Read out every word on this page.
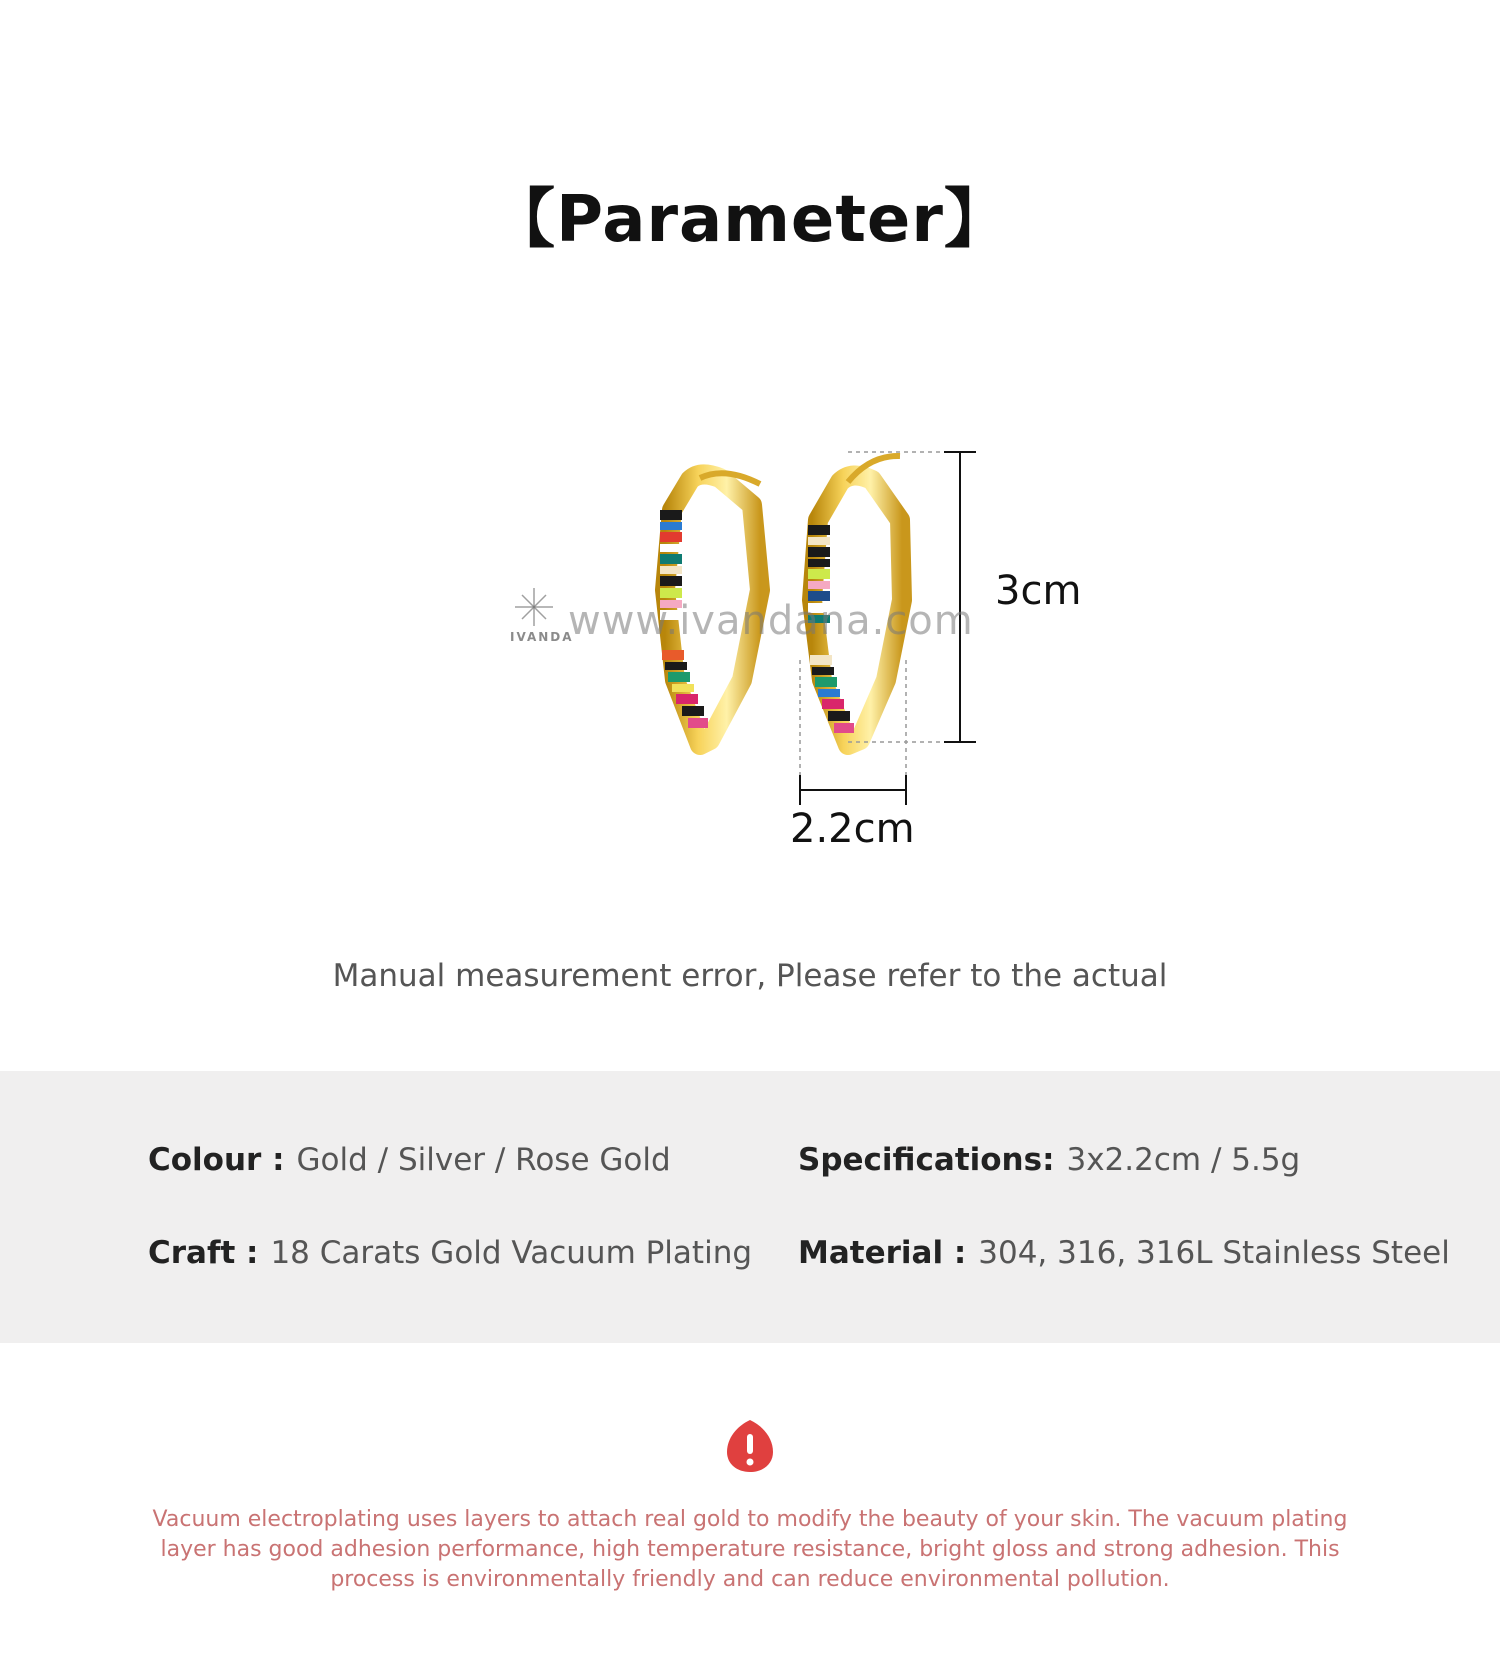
【Parameter】
www.ivandana.com
IVANDA
3cm
2.2cm
Manual measurement error, Please refer to the actual
Colour : Gold / Silver / Rose Gold	Specifications: 3x2.2cm / 5.5g
Craft : 18 Carats Gold Vacuum Plating Material : 304, 316, 316L Stainless Steel
Vacuum electroplating uses layers to attach real gold to modify the beauty of your skin. The vacuum plating layer has good adhesion performance, high temperature resistance, bright gloss and strong adhesion. This process is environmentally friendly and can reduce environmental pollution.
